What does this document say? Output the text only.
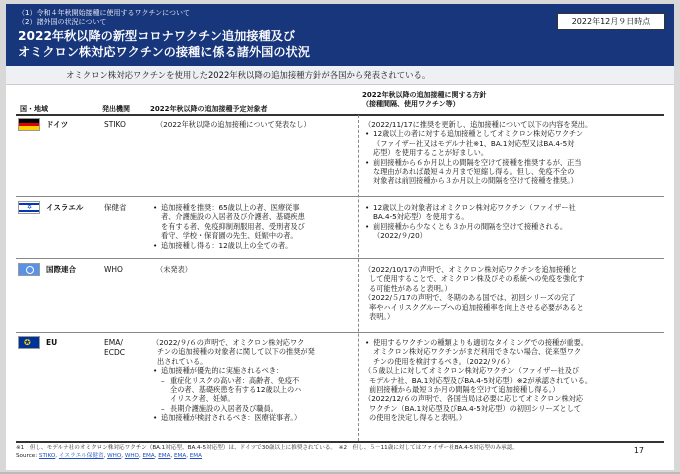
（1）令和４年秋開始接種に使用するワクチンについて
（2）諸外国の状況について
2022年秋以降の新型コロナワクチン追加接種及び
オミクロン株対応ワクチンの接種に係る諸外国の状況
2022年12月９日時点
オミクロン株対応ワクチンを使用した2022年秋以降の追加接種方針が各国から発表されている。
国・地域	発出機関	2022年秋以降の追加接種予定対象者
2022年秋以降の追加接種に関する方針
（接種間隔、使用ワクチン等）
ドイツ	STIKO	（2022年秋以降の追加接種について発表なし）	（2022/11/17に推奨を更新し、追加接種について以下の内容を発出。

• 12歳以上の者に対する追加接種としてオミクロン株対応ワクチン

（ファイザー社又はモデルナ社※1、BA.1対応型又はBA.4-5対

応型）を使用することが好ましい。

• 前回接種から６か月以上の間隔を空けて接種を推奨するが、正当

な理由があれば最短４カ月まで短縮し得る。但し、免疫不全の

対象者は前回接種から３か月以上の間隔を空けて接種を推奨。）

✡ イスラエル	保健省

•	追加接種を推奨：65歳以上の者、医療従事

者、介護施設の入居者及び介護者、基礎疾患

を有する者、免疫抑制剤服用者、受刑者及び

看守、学校・保育園の先生、妊娠中の者。

• 追加接種し得る：12歳以上の全ての者。

• 12歳以上の対象者はオミクロン株対応ワクチン（ファイザー社

BA.4-5対応型）を使用する。

• 前回接種から少なくとも３か月の間隔を空けて接種される。

（2022/９/20）

国際連合	WHO	（未発表）	（2022/10/17の声明で、オミクロン株対応ワクチンを追加接種と

して使用することで、オミクロン株及びその系統への免疫を強化す

る可能性があると表明。）

（2022/５/17の声明で、冬期のある国では、初回シリーズの完了

率やハイリスクグループへの追加接種率を向上させる必要があると

表明。）

✪ EU	EMA/
ECDC

（2022/９/６の声明で、オミクロン株対応ワク

チンの追加接種の対象者に関して以下の推奨が発

出されている。

• 追加接種が優先的に実施されるべき：

– 重症化リスクの高い者：高齢者、免疫不

全の者、基礎疾患を有する12歳以上のハ

イリスク者、妊婦。

– 長期介護施設の入居者及び職員。

• 追加接種が検討されるべき：医療従事者。）

• 使用するワクチンの種類よりも適切なタイミングでの接種が重要。

オミクロン株対応ワクチンがまだ利用できない場合、従来型ワク

チンの使用を検討するべき。（2022/９/６）

（５歳以上に対してオミクロン株対応ワクチン（ファイザー社及び

モデルナ社、BA.1対応型及びBA.4-5対応型）※2が承認されている。

前回接種から最短３か月の間隔を空けて追加接種し得る。）

（2022/12/６の声明で、各国当局は必要に応じてオミクロン株対応

ワクチン（BA.1対応型及びBA.4-5対応型）の初回シリーズとして

の使用を決定し得ると表明。）

※1　但し、モデルナ社のオミクロン株対応ワクチン（BA.1対応型、BA.4-5対応型）は、ドイツで30歳以上に推奨されている。　※2　但し、５－11歳に対してはファイザー社BA.4-5対応型のみ承認。
Source: STIKO, イスラエル保健省, WHO, WHO, EMA, EMA, EMA, EMA
17
